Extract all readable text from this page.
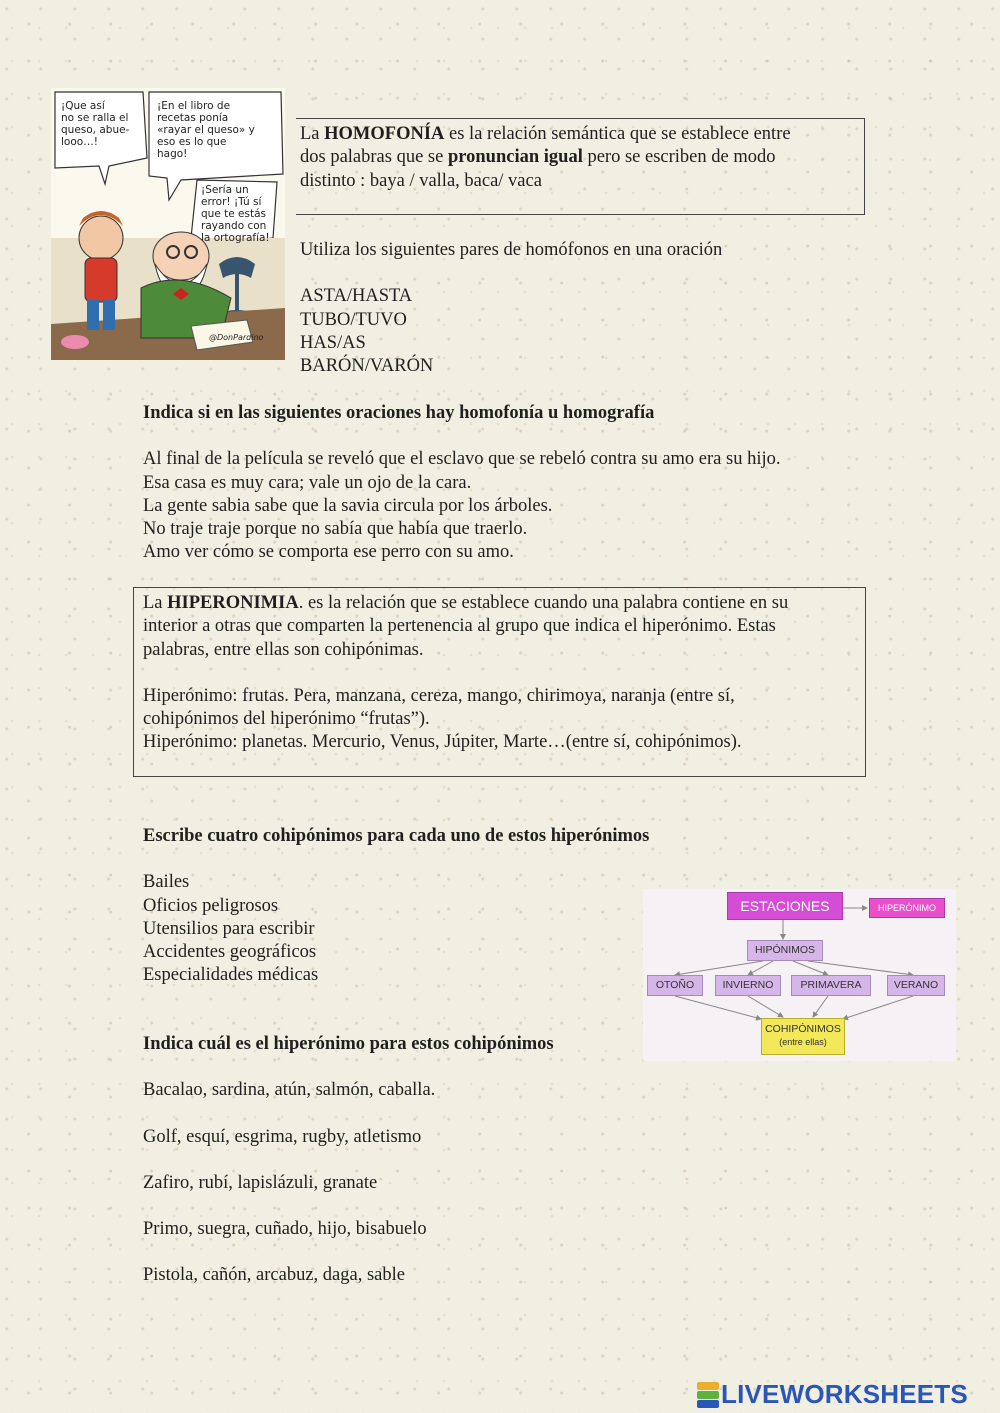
¡Que así
no se ralla el
queso, abue-
looo…!
¡En el libro de
recetas ponía
«rayar el queso» y
eso es lo que
hago!
¡Sería un
error! ¡Tú sí
que te estás
rayando con
la ortografía!
@DonPardino
La HOMOFONÍA es la relación semántica que se establece entre
dos palabras que se pronuncian igual pero se escriben de modo
distinto : baya / valla, baca/ vaca
Utiliza los siguientes pares de homófonos en una oración
ASTA/HASTA
TUBO/TUVO
HAS/AS
BARÓN/VARÓN
Indica si en las siguientes oraciones hay homofonía u homografía
Al final de la película se reveló que el esclavo que se rebeló contra su amo era su hijo.
Esa casa es muy cara; vale un ojo de la cara.
La gente sabia sabe que la savia circula por los árboles.
No traje traje porque no sabía que había que traerlo.
Amo ver cómo se comporta ese perro con su amo.
La HIPERONIMIA. es la relación que se establece cuando una palabra contiene en su
interior a otras que comparten la pertenencia al grupo que indica el hiperónimo. Estas
palabras, entre ellas son cohipónimas.
Hiperónimo: frutas. Pera, manzana, cereza, mango, chirimoya, naranja (entre sí,
cohipónimos del hiperónimo “frutas”).
Hiperónimo: planetas. Mercurio, Venus, Júpiter, Marte…(entre sí, cohipónimos).
Escribe cuatro cohipónimos para cada uno de estos hiperónimos
Bailes
Oficios peligrosos
Utensilios para escribir
Accidentes geográficos
Especialidades médicas
ESTACIONES	HIPERÓNIMO
HIPÓNIMOS
OTOÑO	INVIERNO	PRIMAVERA	VERANO
COHIPÓNIMOS
(entre ellas)
Indica cuál es el hiperónimo para estos cohipónimos
Bacalao, sardina, atún, salmón, caballa.
Golf, esquí, esgrima, rugby, atletismo
Zafiro, rubí, lapislázuli, granate
Primo, suegra, cuñado, hijo, bisabuelo
Pistola, cañón, arcabuz, daga, sable
LIVEWORKSHEETS
